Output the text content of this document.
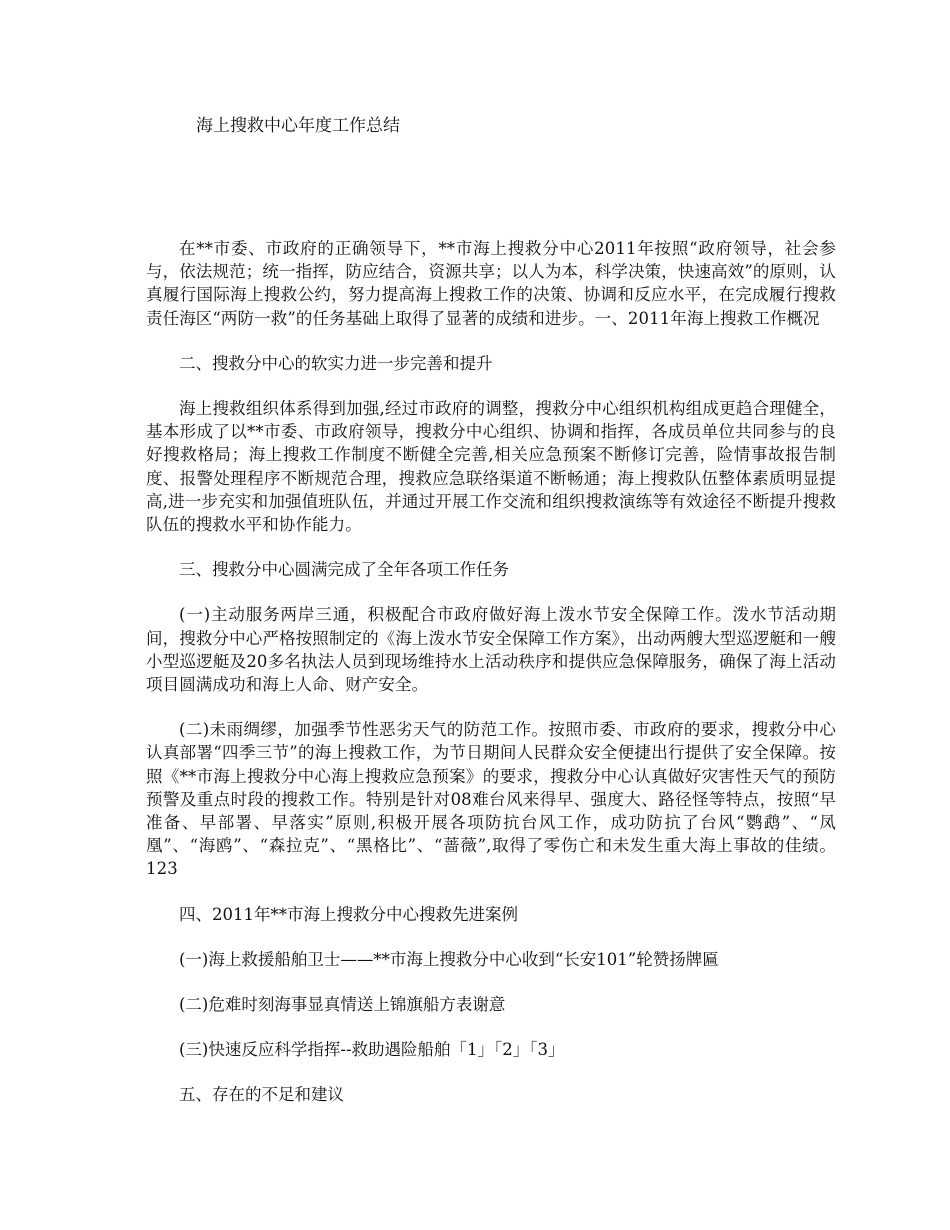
海上搜救中心年度工作总结

在**市委、市政府的正确领导下，**市海上搜救分中心2011年按照“政府领导，社会参与，依法规范；统一指挥，防应结合，资源共享；以人为本，科学决策，快速高效”的原则，认真履行国际海上搜救公约，努力提高海上搜救工作的决策、协调和反应水平，在完成履行搜救责任海区“两防一救”的任务基础上取得了显著的成绩和进步。一、2011年海上搜救工作概况

二、搜救分中心的软实力进一步完善和提升

海上搜救组织体系得到加强,经过市政府的调整，搜救分中心组织机构组成更趋合理健全，基本形成了以**市委、市政府领导，搜救分中心组织、协调和指挥，各成员单位共同参与的良好搜救格局；海上搜救工作制度不断健全完善,相关应急预案不断修订完善，险情事故报告制度、报警处理程序不断规范合理，搜救应急联络渠道不断畅通；海上搜救队伍整体素质明显提高,进一步充实和加强值班队伍，并通过开展工作交流和组织搜救演练等有效途径不断提升搜救队伍的搜救水平和协作能力。

三、搜救分中心圆满完成了全年各项工作任务

(一)主动服务两岸三通，积极配合市政府做好海上泼水节安全保障工作。泼水节活动期间，搜救分中心严格按照制定的《海上泼水节安全保障工作方案》，出动两艘大型巡逻艇和一艘小型巡逻艇及20多名执法人员到现场维持水上活动秩序和提供应急保障服务，确保了海上活动项目圆满成功和海上人命、财产安全。

(二)未雨绸缪，加强季节性恶劣天气的防范工作。按照市委、市政府的要求，搜救分中心认真部署“四季三节”的海上搜救工作，为节日期间人民群众安全便捷出行提供了安全保障。按照《**市海上搜救分中心海上搜救应急预案》的要求，搜救分中心认真做好灾害性天气的预防预警及重点时段的搜救工作。特别是针对08难台风来得早、强度大、路径怪等特点，按照“早准备、早部署、早落实”原则,积极开展各项防抗台风工作，成功防抗了台风“鹦鹉”、“凤凰”、“海鸥”、“森拉克”、“黑格比”、“蔷薇”,取得了零伤亡和未发生重大海上事故的佳绩。123

四、2011年**市海上搜救分中心搜救先进案例

(一)海上救援船舶卫士——**市海上搜救分中心收到“长安101”轮赞扬牌匾

(二)危难时刻海事显真情送上锦旗船方表谢意

(三)快速反应科学指挥--救助遇险船舶「1」「2」「3」

五、存在的不足和建议
